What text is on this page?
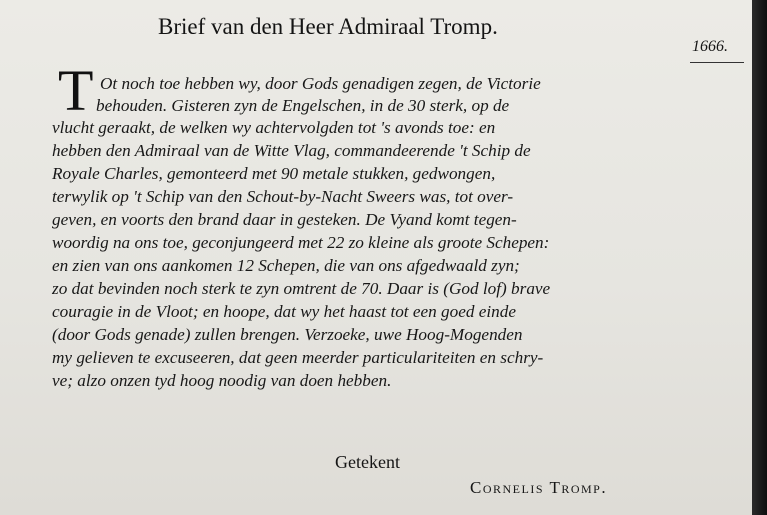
Brief van den Heer Admiraal Tromp.
1666.
T Ot noch toe hebben wy, door Gods genadigen zegen, de Victorie
behouden. Gisteren zyn de Engelschen, in de 30 sterk, op de
vlucht geraakt, de welken wy achtervolgden tot 's avonds toe: en
hebben den Admiraal van de Witte Vlag, commandeerende 't Schip de
Royale Charles, gemonteerd met 90 metale stukken, gedwongen,
terwylik op 't Schip van den Schout-by-Nacht Sweers was, tot over-
geven, en voorts den brand daar in gesteken. De Vyand komt tegen-
woordig na ons toe, geconjungeerd met 22 zo kleine als groote Schepen:
en zien van ons aankomen 12 Schepen, die van ons afgedwaald zyn;
zo dat bevinden noch sterk te zyn omtrent de 70. Daar is (God lof) brave
couragie in de Vloot; en hoope, dat wy het haast tot een goed einde
(door Gods genade) zullen brengen. Verzoeke, uwe Hoog-Mogenden
my gelieven te excuseeren, dat geen meerder particulariteiten en schry-
ve; alzo onzen tyd hoog noodig van doen hebben.
Getekent
Cornelis Tromp.
